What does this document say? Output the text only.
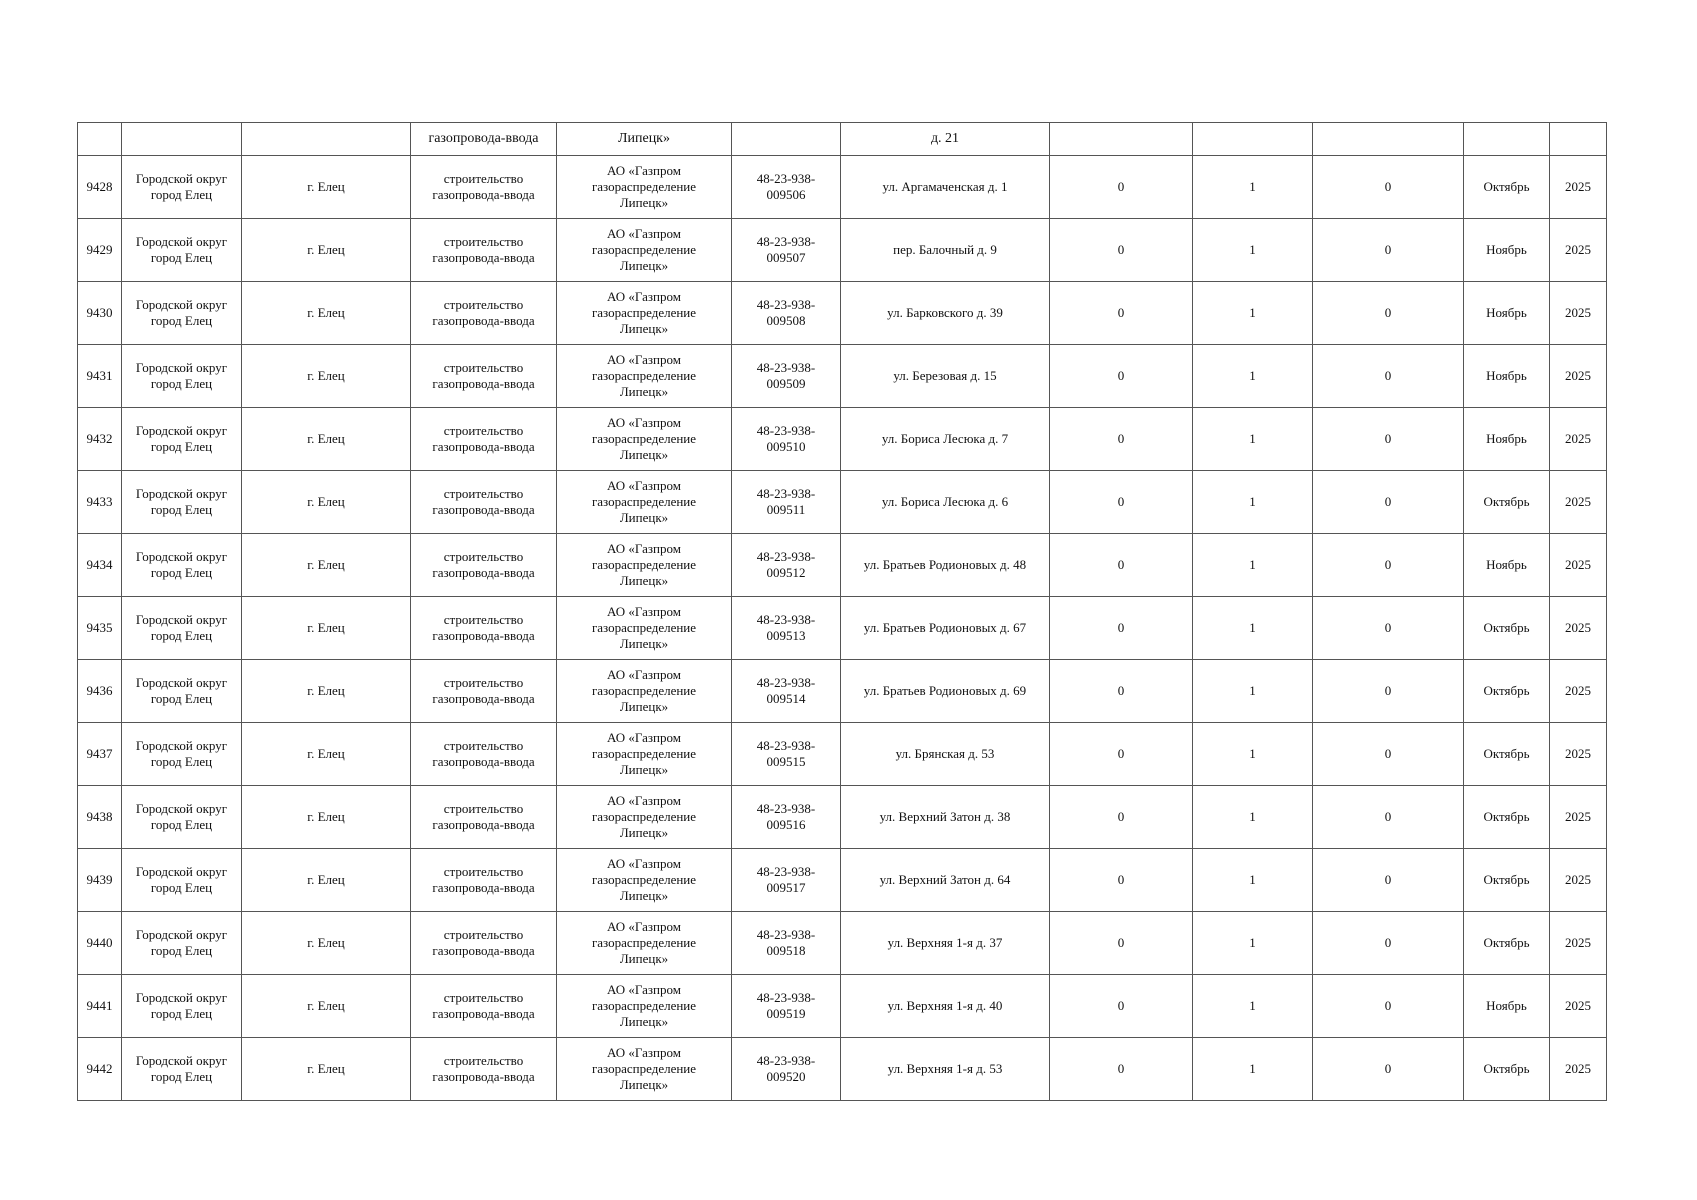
			газопровода-ввода	Липецк»		д. 21					
9428	Городской округ
город Елец	г. Елец	строительство
газопровода-ввода	АО «Газпром
газораспределение
Липецк»	48-23-938-
009506	ул. Аргамаченская д. 1	0	1	0	Октябрь	2025
9429	Городской округ
город Елец	г. Елец	строительство
газопровода-ввода	АО «Газпром
газораспределение
Липецк»	48-23-938-
009507	пер. Балочный д. 9	0	1	0	Ноябрь	2025
9430	Городской округ
город Елец	г. Елец	строительство
газопровода-ввода	АО «Газпром
газораспределение
Липецк»	48-23-938-
009508	ул. Барковского д. 39	0	1	0	Ноябрь	2025
9431	Городской округ
город Елец	г. Елец	строительство
газопровода-ввода	АО «Газпром
газораспределение
Липецк»	48-23-938-
009509	ул. Березовая д. 15	0	1	0	Ноябрь	2025
9432	Городской округ
город Елец	г. Елец	строительство
газопровода-ввода	АО «Газпром
газораспределение
Липецк»	48-23-938-
009510	ул. Бориса Лесюка д. 7	0	1	0	Ноябрь	2025
9433	Городской округ
город Елец	г. Елец	строительство
газопровода-ввода	АО «Газпром
газораспределение
Липецк»	48-23-938-
009511	ул. Бориса Лесюка д. 6	0	1	0	Октябрь	2025
9434	Городской округ
город Елец	г. Елец	строительство
газопровода-ввода	АО «Газпром
газораспределение
Липецк»	48-23-938-
009512	ул. Братьев Родионовых д. 48	0	1	0	Ноябрь	2025
9435	Городской округ
город Елец	г. Елец	строительство
газопровода-ввода	АО «Газпром
газораспределение
Липецк»	48-23-938-
009513	ул. Братьев Родионовых д. 67	0	1	0	Октябрь	2025
9436	Городской округ
город Елец	г. Елец	строительство
газопровода-ввода	АО «Газпром
газораспределение
Липецк»	48-23-938-
009514	ул. Братьев Родионовых д. 69	0	1	0	Октябрь	2025
9437	Городской округ
город Елец	г. Елец	строительство
газопровода-ввода	АО «Газпром
газораспределение
Липецк»	48-23-938-
009515	ул. Брянская д. 53	0	1	0	Октябрь	2025
9438	Городской округ
город Елец	г. Елец	строительство
газопровода-ввода	АО «Газпром
газораспределение
Липецк»	48-23-938-
009516	ул. Верхний Затон д. 38	0	1	0	Октябрь	2025
9439	Городской округ
город Елец	г. Елец	строительство
газопровода-ввода	АО «Газпром
газораспределение
Липецк»	48-23-938-
009517	ул. Верхний Затон д. 64	0	1	0	Октябрь	2025
9440	Городской округ
город Елец	г. Елец	строительство
газопровода-ввода	АО «Газпром
газораспределение
Липецк»	48-23-938-
009518	ул. Верхняя 1-я д. 37	0	1	0	Октябрь	2025
9441	Городской округ
город Елец	г. Елец	строительство
газопровода-ввода	АО «Газпром
газораспределение
Липецк»	48-23-938-
009519	ул. Верхняя 1-я д. 40	0	1	0	Ноябрь	2025
9442	Городской округ
город Елец	г. Елец	строительство
газопровода-ввода	АО «Газпром
газораспределение
Липецк»	48-23-938-
009520	ул. Верхняя 1-я д. 53	0	1	0	Октябрь	2025
